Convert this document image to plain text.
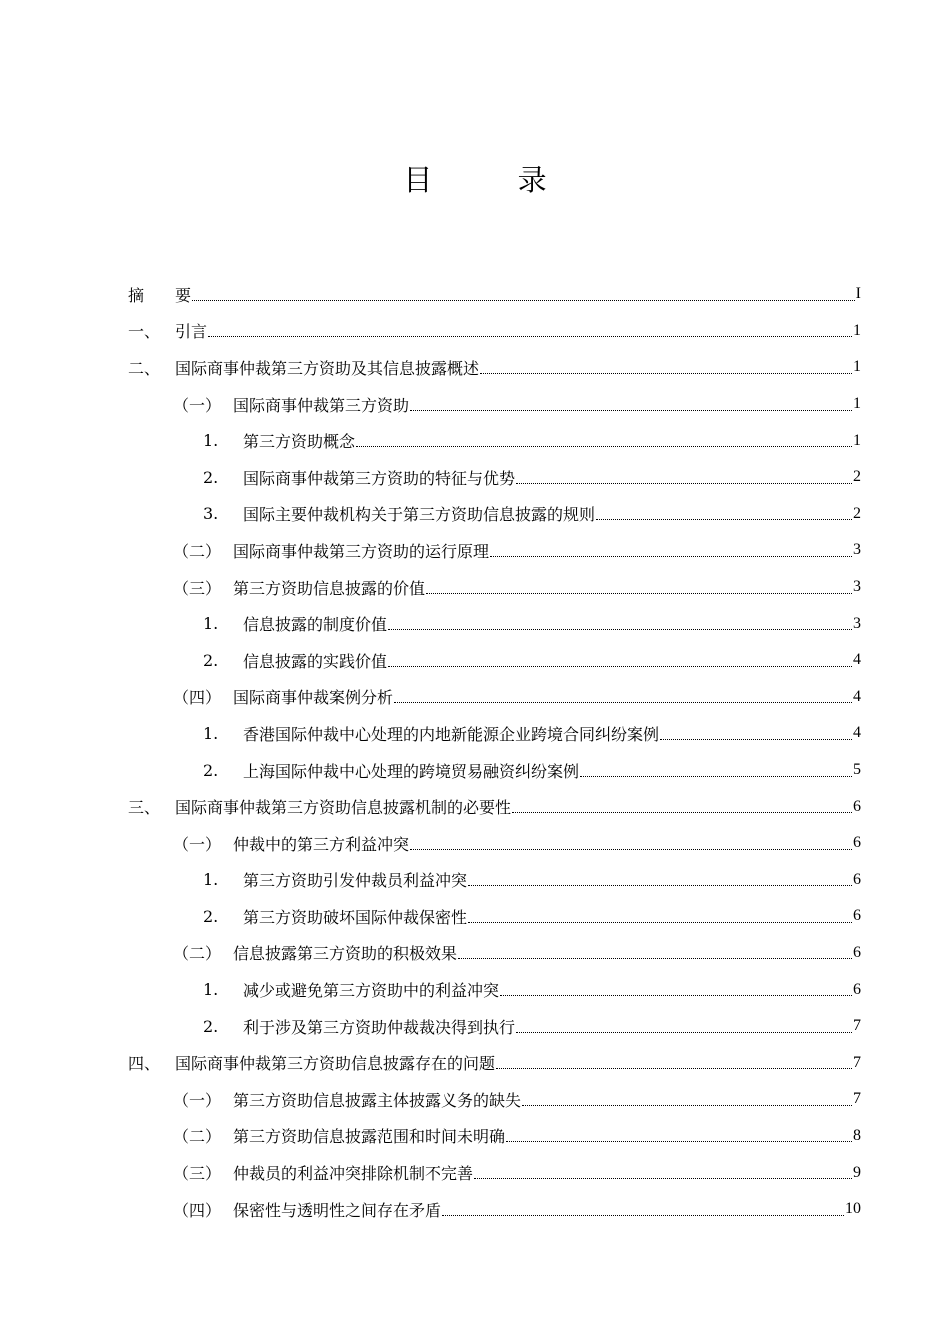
目 录
摘	要	I
一、 引言	1
二、 国际商事仲裁第三方资助及其信息披露概述	1
（一） 国际商事仲裁第三方资助	1
1.	第三方资助概念	1
2.	国际商事仲裁第三方资助的特征与优势	2
3.	国际主要仲裁机构关于第三方资助信息披露的规则	2
（二） 国际商事仲裁第三方资助的运行原理	3
（三） 第三方资助信息披露的价值	3
1.	信息披露的制度价值	3
2.	信息披露的实践价值	4
（四） 国际商事仲裁案例分析	4
1.	香港国际仲裁中心处理的内地新能源企业跨境合同纠纷案例	4
2.	上海国际仲裁中心处理的跨境贸易融资纠纷案例	5
三、 国际商事仲裁第三方资助信息披露机制的必要性	6
（一） 仲裁中的第三方利益冲突	6
1.	第三方资助引发仲裁员利益冲突	6
2.	第三方资助破坏国际仲裁保密性	6
（二） 信息披露第三方资助的积极效果	6
1.	减少或避免第三方资助中的利益冲突	6
2.	利于涉及第三方资助仲裁裁决得到执行	7
四、 国际商事仲裁第三方资助信息披露存在的问题	7
（一） 第三方资助信息披露主体披露义务的缺失	7
（二） 第三方资助信息披露范围和时间未明确	8
（三） 仲裁员的利益冲突排除机制不完善	9
（四） 保密性与透明性之间存在矛盾	10
